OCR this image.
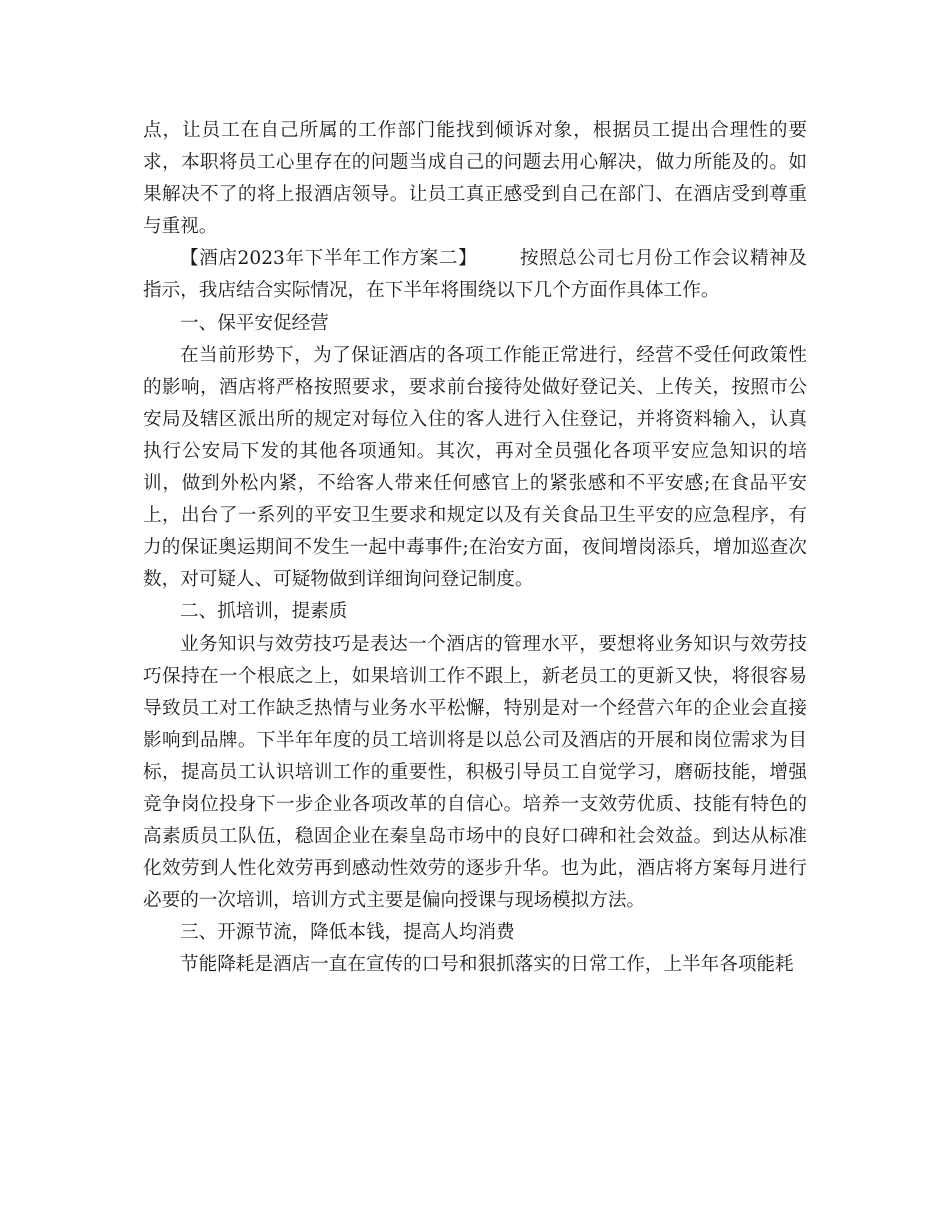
点，让员工在自己所属的工作部门能找到倾诉对象，根据员工提出合理性的要求，本职将员工心里存在的问题当成自己的问题去用心解决，做力所能及的。如果解决不了的将上报酒店领导。让员工真正感受到自己在部门、在酒店受到尊重与重视。

【酒店2023年下半年工作方案二】 按照总公司七月份工作会议精神及指示，我店结合实际情况，在下半年将围绕以下几个方面作具体工作。

一、保平安促经营

在当前形势下，为了保证酒店的各项工作能正常进行，经营不受任何政策性的影响，酒店将严格按照要求，要求前台接待处做好登记关、上传关，按照市公安局及辖区派出所的规定对每位入住的客人进行入住登记，并将资料输入，认真执行公安局下发的其他各项通知。其次，再对全员强化各项平安应急知识的培训，做到外松内紧，不给客人带来任何感官上的紧张感和不平安感;在食品平安上，出台了一系列的平安卫生要求和规定以及有关食品卫生平安的应急程序，有力的保证奥运期间不发生一起中毒事件;在治安方面，夜间增岗添兵，增加巡查次数，对可疑人、可疑物做到详细询问登记制度。

二、抓培训，提素质

业务知识与效劳技巧是表达一个酒店的管理水平，要想将业务知识与效劳技巧保持在一个根底之上，如果培训工作不跟上，新老员工的更新又快，将很容易导致员工对工作缺乏热情与业务水平松懈，特别是对一个经营六年的企业会直接影响到品牌。下半年年度的员工培训将是以总公司及酒店的开展和岗位需求为目标，提高员工认识培训工作的重要性，积极引导员工自觉学习，磨砺技能，增强竞争岗位投身下一步企业各项改革的自信心。培养一支效劳优质、技能有特色的高素质员工队伍，稳固企业在秦皇岛市场中的良好口碑和社会效益。到达从标准化效劳到人性化效劳再到感动性效劳的逐步升华。也为此，酒店将方案每月进行必要的一次培训，培训方式主要是偏向授课与现场模拟方法。

三、开源节流，降低本钱，提高人均消费

节能降耗是酒店一直在宣传的口号和狠抓落实的日常工作，上半年各项能耗
